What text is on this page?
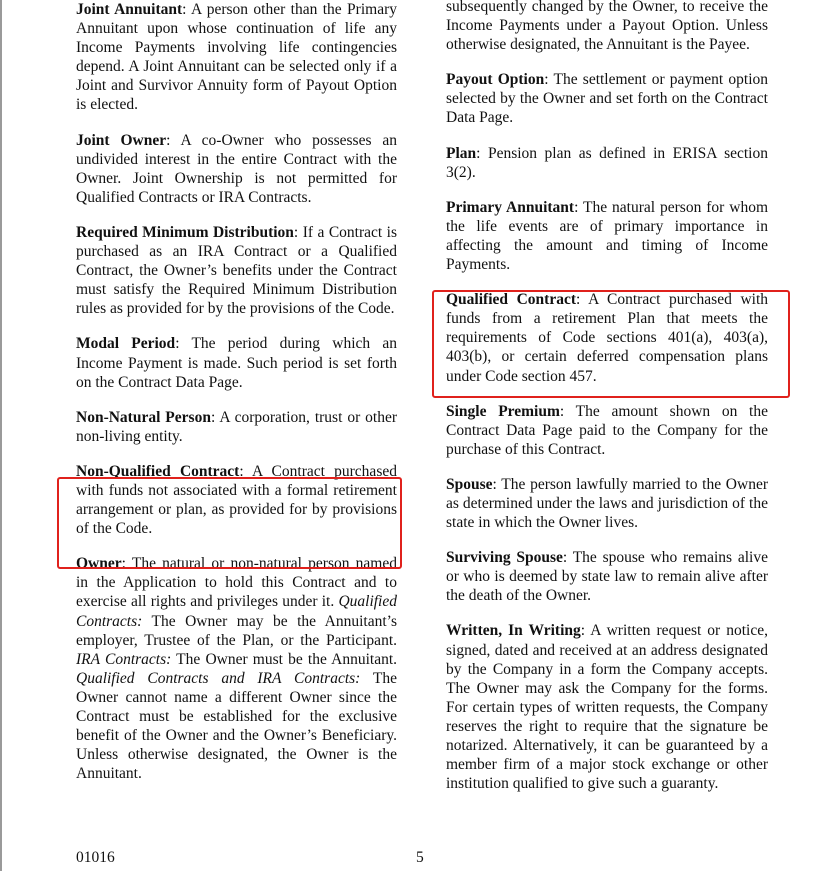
Joint Annuitant: A person other than the Primary Annuitant upon whose continuation of life any Income Payments involving life contingencies depend. A Joint Annuitant can be selected only if a Joint and Survivor Annuity form of Payout Option is elected.

Joint Owner: A co-Owner who possesses an undivided interest in the entire Contract with the Owner. Joint Ownership is not permitted for Qualified Contracts or IRA Contracts.

Required Minimum Distribution: If a Contract is purchased as an IRA Contract or a Qualified Contract, the Owner’s benefits under the Contract must satisfy the Required Minimum Distribution rules as provided for by the provisions of the Code.

Modal Period: The period during which an Income Payment is made. Such period is set forth on the Contract Data Page.

Non-Natural Person: A corporation, trust or other non-living entity.

Non-Qualified Contract: A Contract purchased with funds not associated with a formal retirement arrangement or plan, as provided for by provisions of the Code.

Owner: The natural or non-natural person named in the Application to hold this Contract and to exercise all rights and privileges under it. Qualified Contracts: The Owner may be the Annuitant’s employer, Trustee of the Plan, or the Participant. IRA Contracts: The Owner must be the Annuitant. Qualified Contracts and IRA Contracts: The Owner cannot name a different Owner since the Contract must be established for the exclusive benefit of the Owner and the Owner’s Beneficiary. Unless otherwise designated, the Owner is the Annuitant.

subsequently changed by the Owner, to receive the Income Payments under a Payout Option. Unless otherwise designated, the Annuitant is the Payee.

Payout Option: The settlement or payment option selected by the Owner and set forth on the Contract Data Page.

Plan: Pension plan as defined in ERISA section 3(2).

Primary Annuitant: The natural person for whom the life events are of primary importance in affecting the amount and timing of Income Payments.

Qualified Contract: A Contract purchased with funds from a retirement Plan that meets the requirements of Code sections 401(a), 403(a), 403(b), or certain deferred compensation plans under Code section 457.

Single Premium: The amount shown on the Contract Data Page paid to the Company for the purchase of this Contract.

Spouse: The person lawfully married to the Owner as determined under the laws and jurisdiction of the state in which the Owner lives.

Surviving Spouse: The spouse who remains alive or who is deemed by state law to remain alive after the death of the Owner.

Written, In Writing: A written request or notice, signed, dated and received at an address designated by the Company in a form the Company accepts. The Owner may ask the Company for the forms. For certain types of written requests, the Company reserves the right to require that the signature be notarized. Alternatively, it can be guaranteed by a member firm of a major stock exchange or other institution qualified to give such a guaranty.

01016	5
